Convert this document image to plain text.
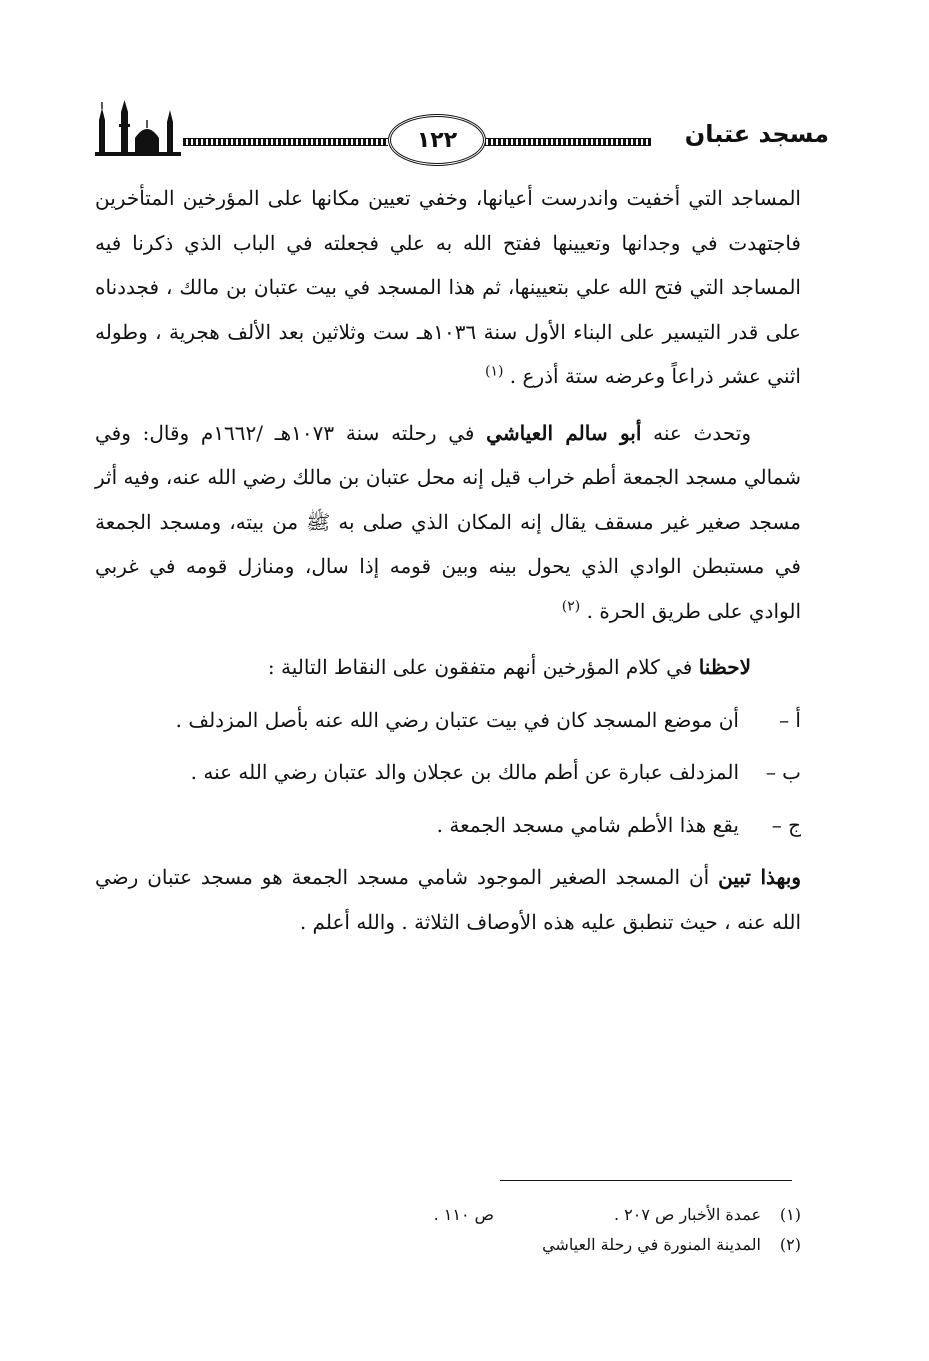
مسجد عتبان
١٢٢

المساجد التي أخفيت واندرست أعيانها، وخفي تعيين مكانها على المؤرخين المتأخرين فاجتهدت في وجدانها وتعيينها ففتح الله به علي فجعلته في الباب الذي ذكرنا فيه المساجد التي فتح الله علي بتعيينها، ثم هذا المسجد في بيت عتبان بن مالك ، فجددناه على قدر التيسير على البناء الأول سنة ١٠٣٦هـ ست وثلاثين بعد الألف هجرية ، وطوله اثني عشر ذراعاً وعرضه ستة أذرع . $^{(١)}$

وتحدث عنه أبو سالم العياشي في رحلته سنة ١٠٧٣هـ /١٦٦٢م وقال: وفي شمالي مسجد الجمعة أطم خراب قيل إنه محل عتبان بن مالك رضي الله عنه، وفيه أثر مسجد صغير غير مسقف يقال إنه المكان الذي صلى به ﷺ من بيته، ومسجد الجمعة في مستبطن الوادي الذي يحول بينه وبين قومه إذا سال، ومنازل قومه في غربي الوادي على طريق الحرة . $^{(٢)}$

لاحظنا في كلام المؤرخين أنهم متفقون على النقاط التالية :

أ –
أن موضع المسجد كان في بيت عتبان رضي الله عنه بأصل المزدلف .
ب –
المزدلف عبارة عن أطم مالك بن عجلان والد عتبان رضي الله عنه .
ج –
يقع هذا الأطم شامي مسجد الجمعة .

وبهذا تبين أن المسجد الصغير الموجود شامي مسجد الجمعة هو مسجد عتبان رضي الله عنه ، حيث تنطبق عليه هذه الأوصاف الثلاثة . والله أعلم .

(١)
عمدة الأخبار ص ٢٠٧ .
ص ١١٠ .
(٢)
المدينة المنورة في رحلة العياشي
